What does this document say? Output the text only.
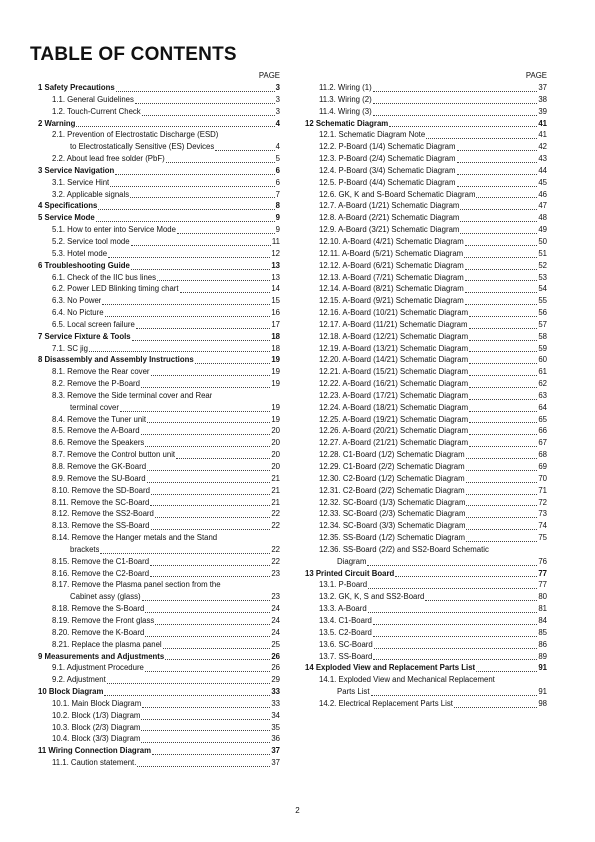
TABLE OF CONTENTS
PAGE
1 Safety Precautions	3
1.1. General Guidelines	3
1.2. Touch-Current Check	3
2 Warning	4
2.1. Prevention of Electrostatic Discharge (ESD)
to Electrostatically Sensitive (ES) Devices	4
2.2. About lead free solder (PbF)	5
3 Service Navigation	6
3.1. Service Hint	6
3.2. Applicable signals	7
4 Specifications	8
5 Service Mode	9
5.1. How to enter into Service Mode	9
5.2. Service tool mode	11
5.3. Hotel mode	12
6 Troubleshooting Guide	13
6.1. Check of the IIC bus lines	13
6.2. Power LED Blinking timing chart	14
6.3. No Power	15
6.4. No Picture	16
6.5. Local screen failure	17
7 Service Fixture & Tools	18
7.1. SC jig	18
8 Disassembly and Assembly Instructions	19
8.1. Remove the Rear cover	19
8.2. Remove the P-Board	19
8.3. Remove the Side terminal cover and Rear
terminal cover	19
8.4. Remove the Tuner unit	19
8.5. Remove the A-Board	20
8.6. Remove the Speakers	20
8.7. Remove the Control button unit	20
8.8. Remove the GK-Board	20
8.9. Remove the SU-Board	21
8.10. Remove the SD-Board	21
8.11. Remove the SC-Board	21
8.12. Remove the SS2-Board	22
8.13. Remove the SS-Board	22
8.14. Remove the Hanger metals and the Stand
brackets	22
8.15. Remove the C1-Board	22
8.16. Remove the C2-Board	23
8.17. Remove the Plasma panel section from the
Cabinet assy (glass)	23
8.18. Remove the S-Board	24
8.19. Remove the Front glass	24
8.20. Remove the K-Board	24
8.21. Replace the plasma panel	25
9 Measurements and Adjustments	26
9.1. Adjustment Procedure	26
9.2. Adjustment	29
10 Block Diagram	33
10.1. Main Block Diagram	33
10.2. Block (1/3) Diagram	34
10.3. Block (2/3) Diagram	35
10.4. Block (3/3) Diagram	36
11 Wiring Connection Diagram	37
11.1. Caution statement.	37
PAGE
11.2. Wiring (1)	37
11.3. Wiring (2)	38
11.4. Wiring (3)	39
12 Schematic Diagram	41
12.1. Schematic Diagram Note	41
12.2. P-Board (1/4) Schematic Diagram	42
12.3. P-Board (2/4) Schematic Diagram	43
12.4. P-Board (3/4) Schematic Diagram	44
12.5. P-Board (4/4) Schematic Diagram	45
12.6. GK, K and S-Board Schematic Diagram	46
12.7. A-Board (1/21) Schematic Diagram	47
12.8. A-Board (2/21) Schematic Diagram	48
12.9. A-Board (3/21) Schematic Diagram	49
12.10. A-Board (4/21) Schematic Diagram	50
12.11. A-Board (5/21) Schematic Diagram	51
12.12. A-Board (6/21) Schematic Diagram	52
12.13. A-Board (7/21) Schematic Diagram	53
12.14. A-Board (8/21) Schematic Diagram	54
12.15. A-Board (9/21) Schematic Diagram	55
12.16. A-Board (10/21) Schematic Diagram	56
12.17. A-Board (11/21) Schematic Diagram	57
12.18. A-Board (12/21) Schematic Diagram	58
12.19. A-Board (13/21) Schematic Diagram	59
12.20. A-Board (14/21) Schematic Diagram	60
12.21. A-Board (15/21) Schematic Diagram	61
12.22. A-Board (16/21) Schematic Diagram	62
12.23. A-Board (17/21) Schematic Diagram	63
12.24. A-Board (18/21) Schematic Diagram	64
12.25. A-Board (19/21) Schematic Diagram	65
12.26. A-Board (20/21) Schematic Diagram	66
12.27. A-Board (21/21) Schematic Diagram	67
12.28. C1-Board (1/2) Schematic Diagram	68
12.29. C1-Board (2/2) Schematic Diagram	69
12.30. C2-Board (1/2) Schematic Diagram	70
12.31. C2-Board (2/2) Schematic Diagram	71
12.32. SC-Board (1/3) Schematic Diagram	72
12.33. SC-Board (2/3) Schematic Diagram	73
12.34. SC-Board (3/3) Schematic Diagram	74
12.35. SS-Board (1/2) Schematic Diagram	75
12.36. SS-Board (2/2) and SS2-Board Schematic
Diagram	76
13 Printed Circuit Board	77
13.1. P-Board	77
13.2. GK, K, S and SS2-Board	80
13.3. A-Board	81
13.4. C1-Board	84
13.5. C2-Board	85
13.6. SC-Board	86
13.7. SS-Board	89
14 Exploded View and Replacement Parts List	91
14.1. Exploded View and Mechanical Replacement
Parts List	91
14.2. Electrical Replacement Parts List	98
2
